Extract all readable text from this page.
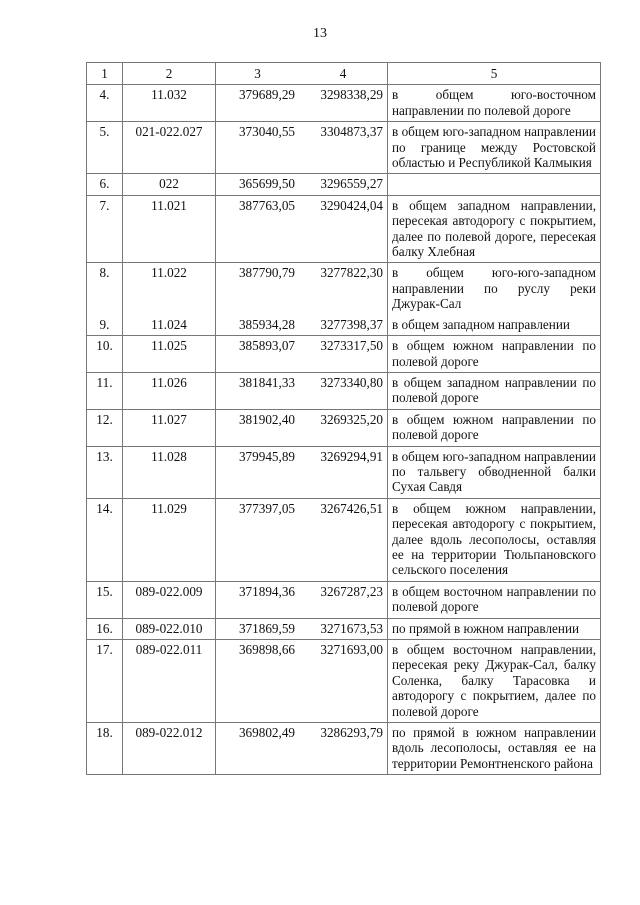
13
1	2	3	4	5
4.	11.032	379689,29	3298338,29	в общем юго-восточном направлении по полевой дороге
5.	021-022.027	373040,55	3304873,37	в общем юго-западном направлении по границе между Ростовской областью и Республикой Калмыкия
6.	022	365699,50	3296559,27	
7.	11.021	387763,05	3290424,04	в общем западном направлении, пересекая автодорогу с покрытием, далее по полевой дороге, пересекая балку Хлебная
8.	11.022	387790,79	3277822,30	в общем юго-юго-западном направлении по руслу реки Джурак-Сал
9.	11.024	385934,28	3277398,37	в общем западном направлении
10.	11.025	385893,07	3273317,50	в общем южном направлении по полевой дороге
11.	11.026	381841,33	3273340,80	в общем западном направлении по полевой дороге
12.	11.027	381902,40	3269325,20	в общем южном направлении по полевой дороге
13.	11.028	379945,89	3269294,91	в общем юго-западном направлении по тальвегу обводненной балки Сухая Савдя
14.	11.029	377397,05	3267426,51	в общем южном направлении, пересекая автодорогу с покрытием, далее вдоль лесополосы, оставляя ее на территории Тюльпановского сельского поселения
15.	089-022.009	371894,36	3267287,23	в общем восточном направлении по полевой дороге
16.	089-022.010	371869,59	3271673,53	по прямой в южном направлении
17.	089-022.011	369898,66	3271693,00	в общем восточном направлении, пересекая реку Джурак-Сал, балку Соленка, балку Тарасовка и автодорогу с покрытием, далее по полевой дороге
18.	089-022.012	369802,49	3286293,79	по прямой в южном направлении вдоль лесополосы, оставляя ее на территории Ремонтненского района
